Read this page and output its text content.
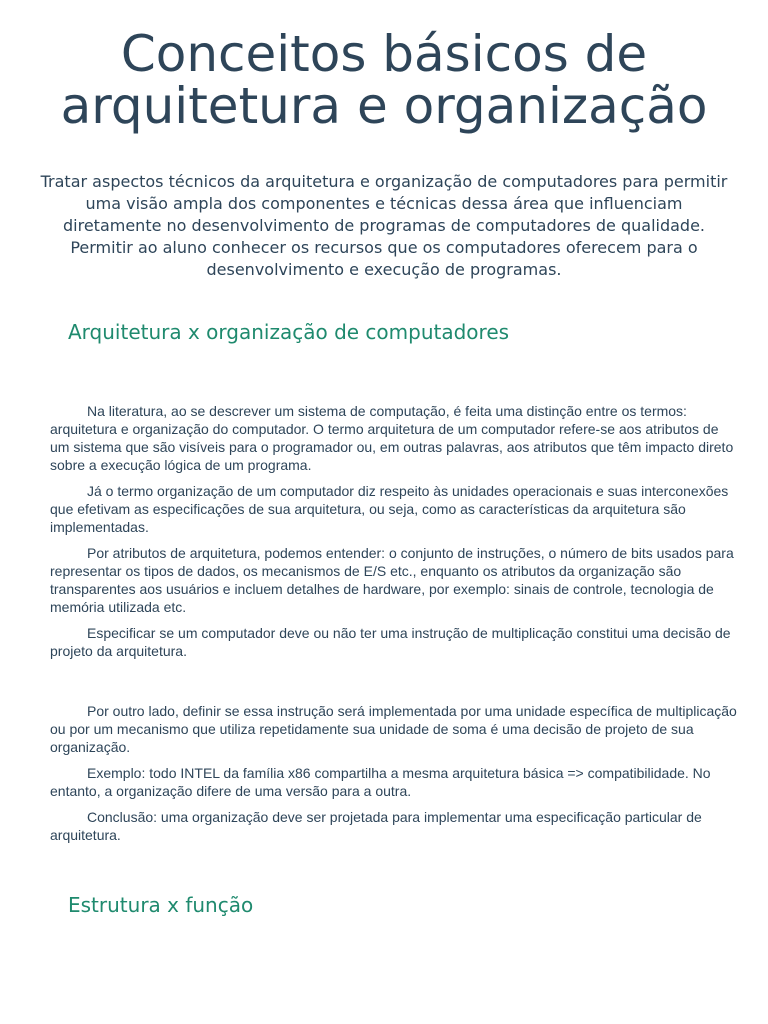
Conceitos básicos de
arquitetura e organização

Tratar aspectos técnicos da arquitetura e organização de computadores para permitir uma visão ampla dos componentes e técnicas dessa área que influenciam diretamente no desenvolvimento de programas de computadores de qualidade. Permitir ao aluno conhecer os recursos que os computadores oferecem para o desenvolvimento e execução de programas.

Arquitetura x organização de computadores

Na literatura, ao se descrever um sistema de computação, é feita uma distinção entre os termos: arquitetura e organização do computador. O termo arquitetura de um computador refere-se aos atributos de um sistema que são visíveis para o programador ou, em outras palavras, aos atributos que têm impacto direto sobre a execução lógica de um programa.

Já o termo organização de um computador diz respeito às unidades operacionais e suas interconexões que efetivam as especificações de sua arquitetura, ou seja, como as características da arquitetura são implementadas.

Por atributos de arquitetura, podemos entender: o conjunto de instruções, o número de bits usados para representar os tipos de dados, os mecanismos de E/S etc., enquanto os atributos da organização são transparentes aos usuários e incluem detalhes de hardware, por exemplo: sinais de controle, tecnologia de memória utilizada etc.

Especificar se um computador deve ou não ter uma instrução de multiplicação constitui uma decisão de projeto da arquitetura.

Por outro lado, definir se essa instrução será implementada por uma unidade específica de multiplicação ou por um mecanismo que utiliza repetidamente sua unidade de soma é uma decisão de projeto de sua organização.

Exemplo: todo INTEL da família x86 compartilha a mesma arquitetura básica => compatibilidade. No entanto, a organização difere de uma versão para a outra.

Conclusão: uma organização deve ser projetada para implementar uma especificação particular de arquitetura.

Estrutura x função
